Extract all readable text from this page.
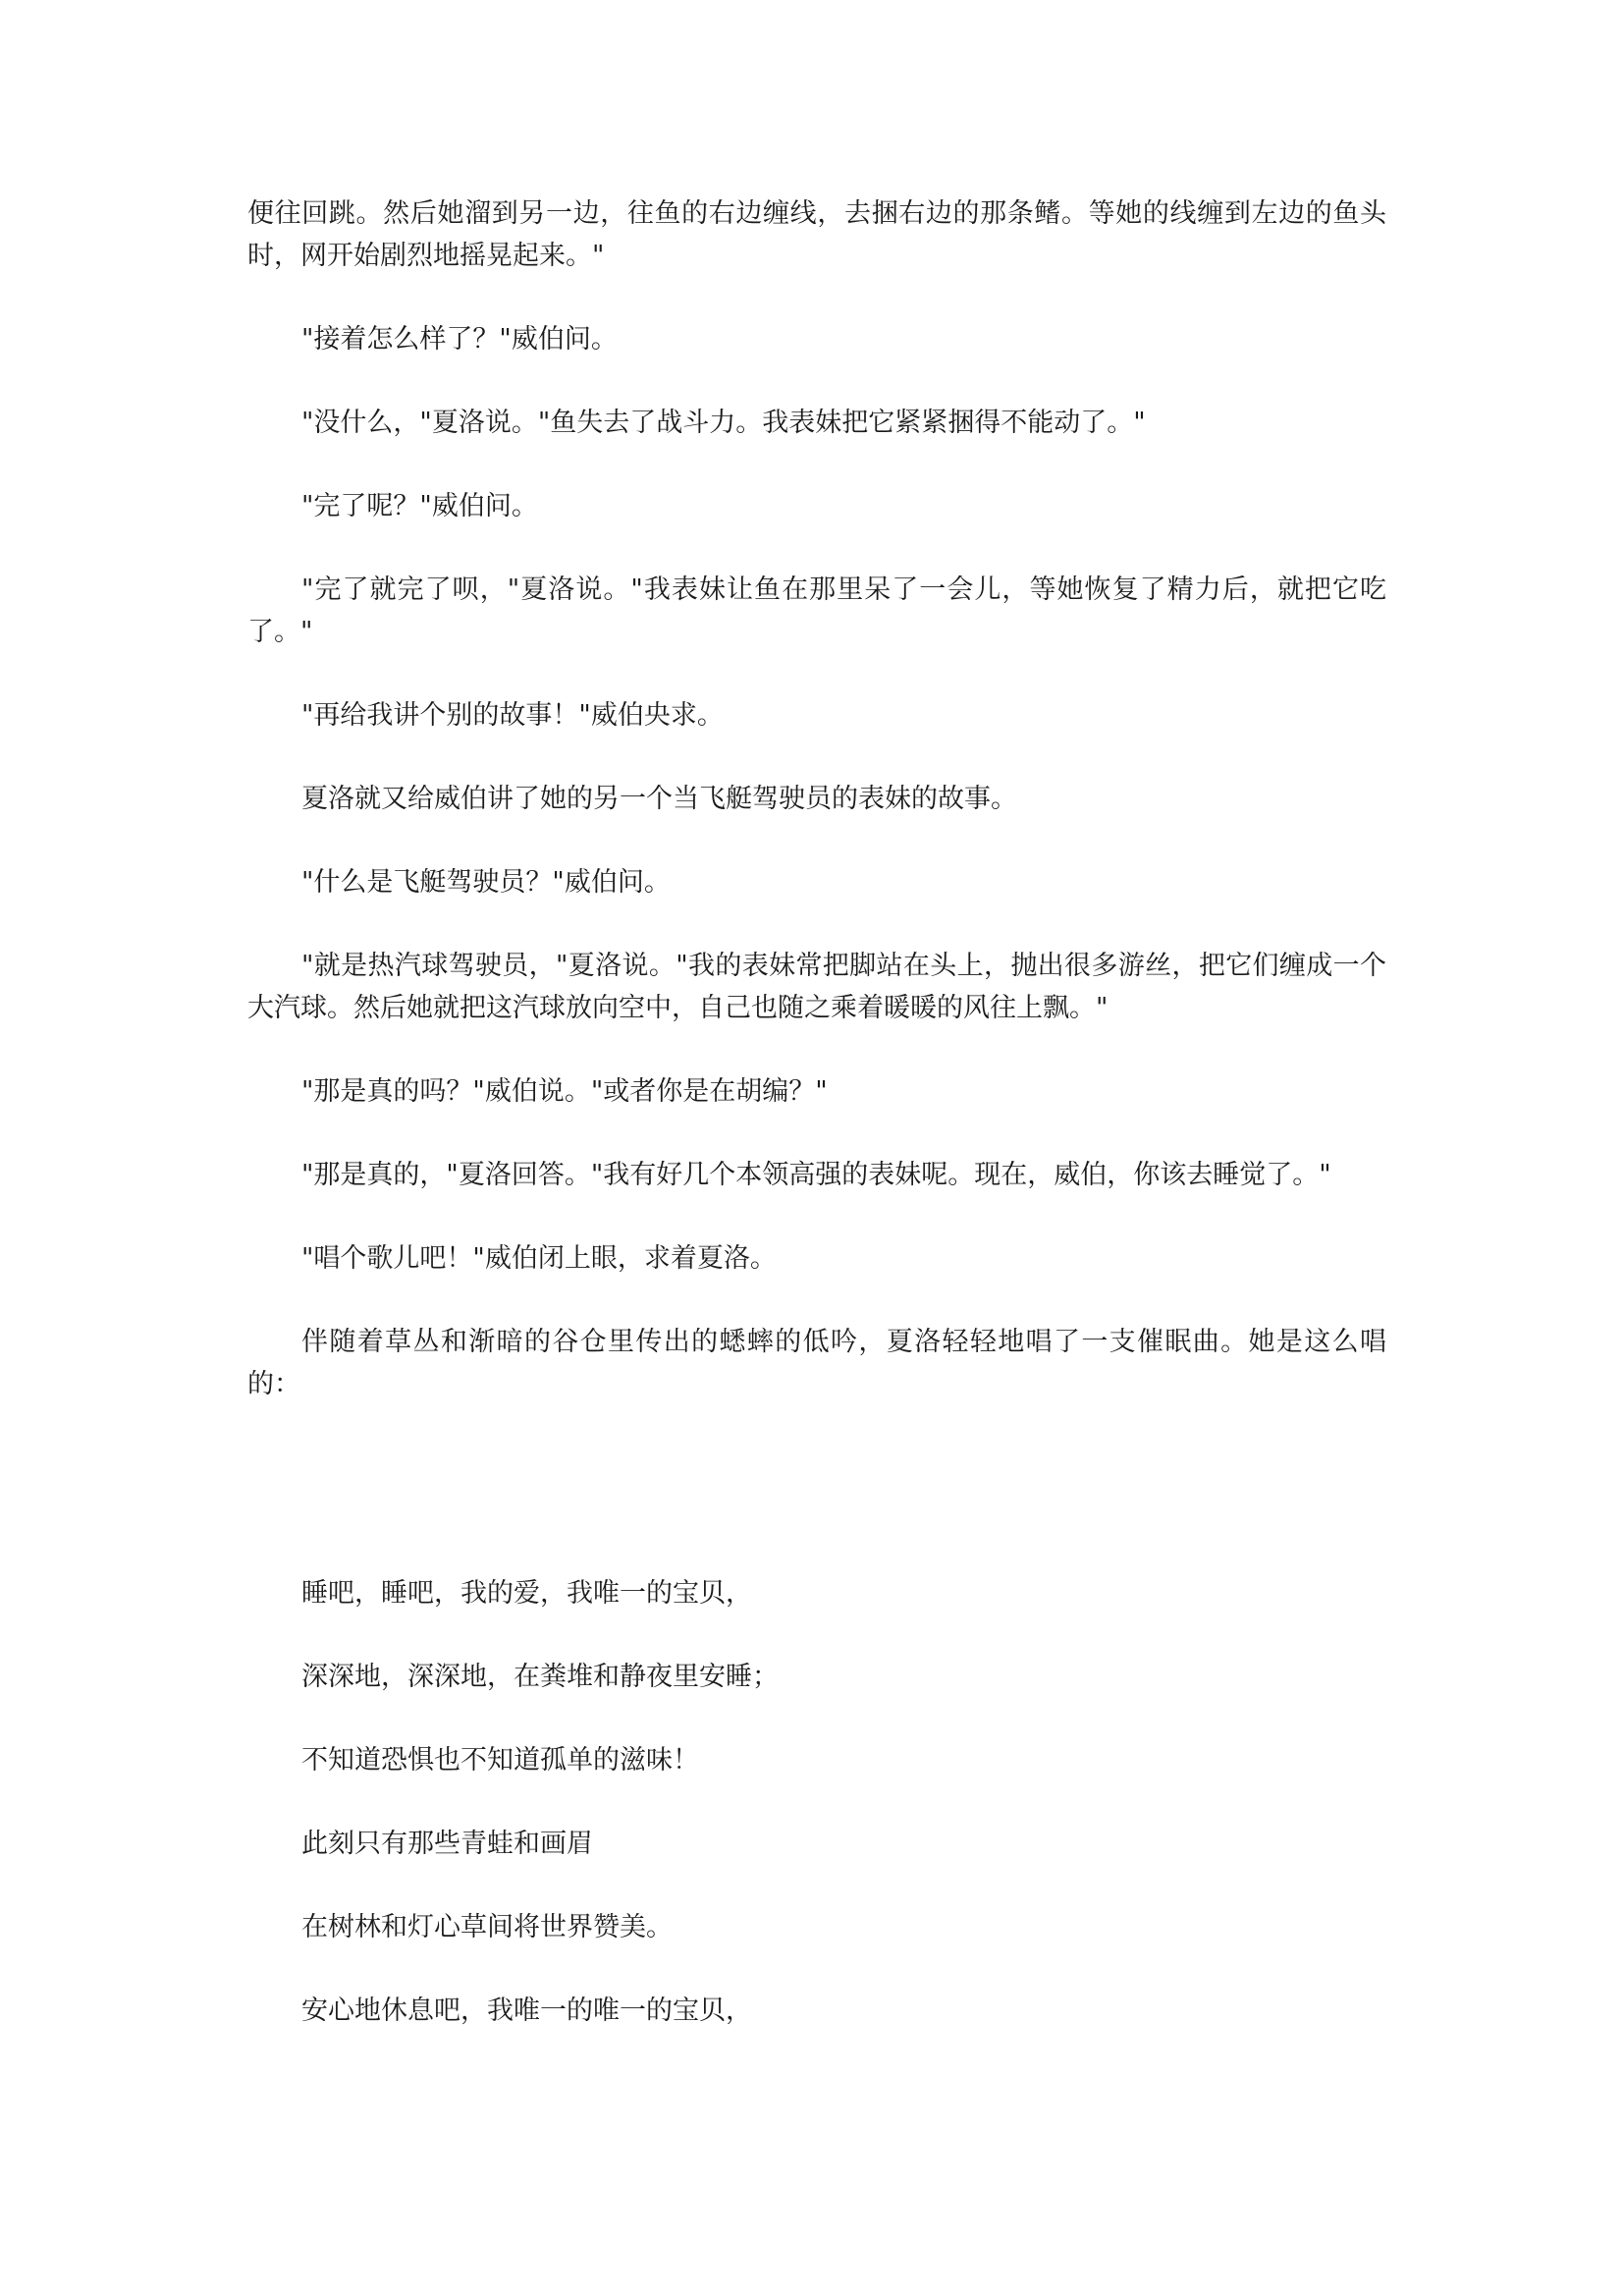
便往回跳。然后她溜到另一边，往鱼的右边缠线，去捆右边的那条鳍。等她的线缠到左边的鱼头时，网开始剧烈地摇晃起来。"

"接着怎么样了？"威伯问。

"没什么，"夏洛说。"鱼失去了战斗力。我表妹把它紧紧捆得不能动了。"

"完了呢？"威伯问。

"完了就完了呗，"夏洛说。"我表妹让鱼在那里呆了一会儿，等她恢复了精力后，就把它吃了。"

"再给我讲个别的故事！"威伯央求。

夏洛就又给威伯讲了她的另一个当飞艇驾驶员的表妹的故事。

"什么是飞艇驾驶员？"威伯问。

"就是热汽球驾驶员，"夏洛说。"我的表妹常把脚站在头上，抛出很多游丝，把它们缠成一个大汽球。然后她就把这汽球放向空中，自己也随之乘着暖暖的风往上飘。"

"那是真的吗？"威伯说。"或者你是在胡编？"

"那是真的，"夏洛回答。"我有好几个本领高强的表妹呢。现在，威伯，你该去睡觉了。"

"唱个歌儿吧！"威伯闭上眼，求着夏洛。

伴随着草丛和渐暗的谷仓里传出的蟋蟀的低吟，夏洛轻轻地唱了一支催眠曲。她是这么唱的：

睡吧，睡吧，我的爱，我唯一的宝贝，

深深地，深深地，在粪堆和静夜里安睡；

不知道恐惧也不知道孤单的滋味！

此刻只有那些青蛙和画眉

在树林和灯心草间将世界赞美。

安心地休息吧，我唯一的唯一的宝贝，
